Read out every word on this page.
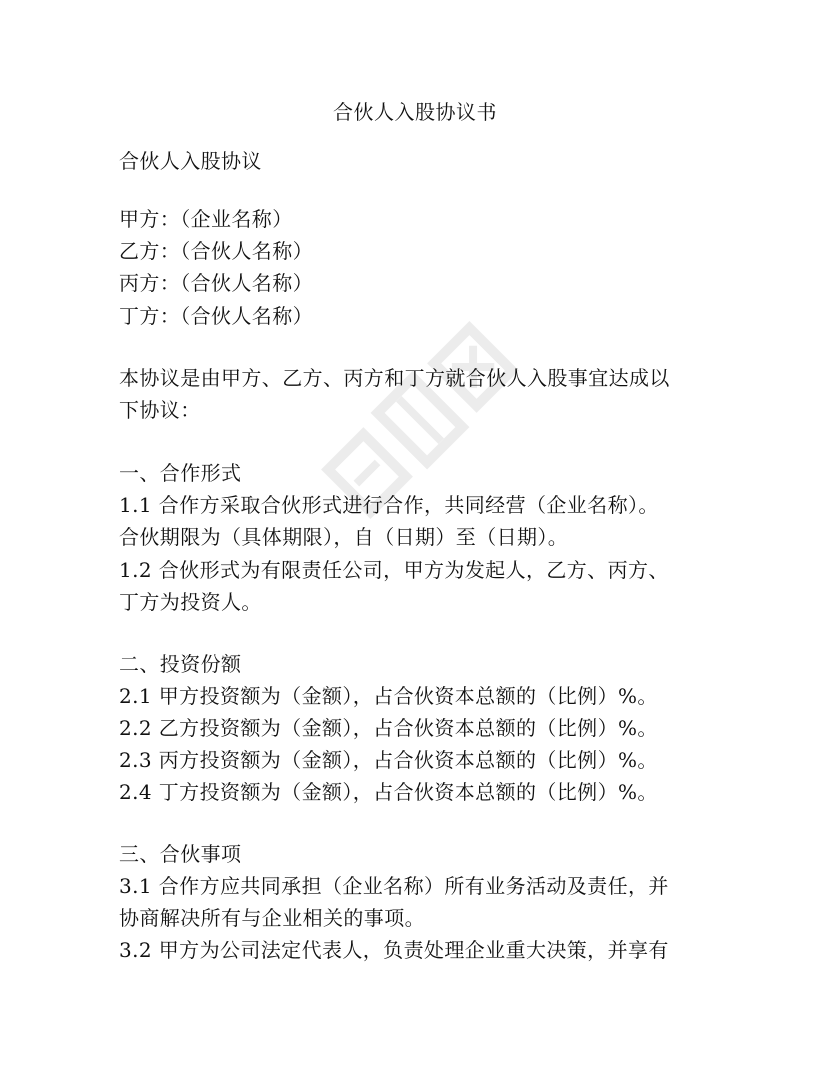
合伙人入股协议书
合伙人入股协议
甲方：（企业名称）
乙方：（合伙人名称）
丙方：（合伙人名称）
丁方：（合伙人名称）
本协议是由甲方、乙方、丙方和丁方就合伙人入股事宜达成以
下协议：
一、合作形式
1.1 合作方采取合伙形式进行合作，共同经营（企业名称）。
合伙期限为（具体期限），自（日期）至（日期）。
1.2 合伙形式为有限责任公司，甲方为发起人，乙方、丙方、
丁方为投资人。
二、投资份额
2.1 甲方投资额为（金额），占合伙资本总额的（比例）%。
2.2 乙方投资额为（金额），占合伙资本总额的（比例）%。
2.3 丙方投资额为（金额），占合伙资本总额的（比例）%。
2.4 丁方投资额为（金额），占合伙资本总额的（比例）%。
三、合伙事项
3.1 合作方应共同承担（企业名称）所有业务活动及责任，并
协商解决所有与企业相关的事项。
3.2 甲方为公司法定代表人，负责处理企业重大决策，并享有
